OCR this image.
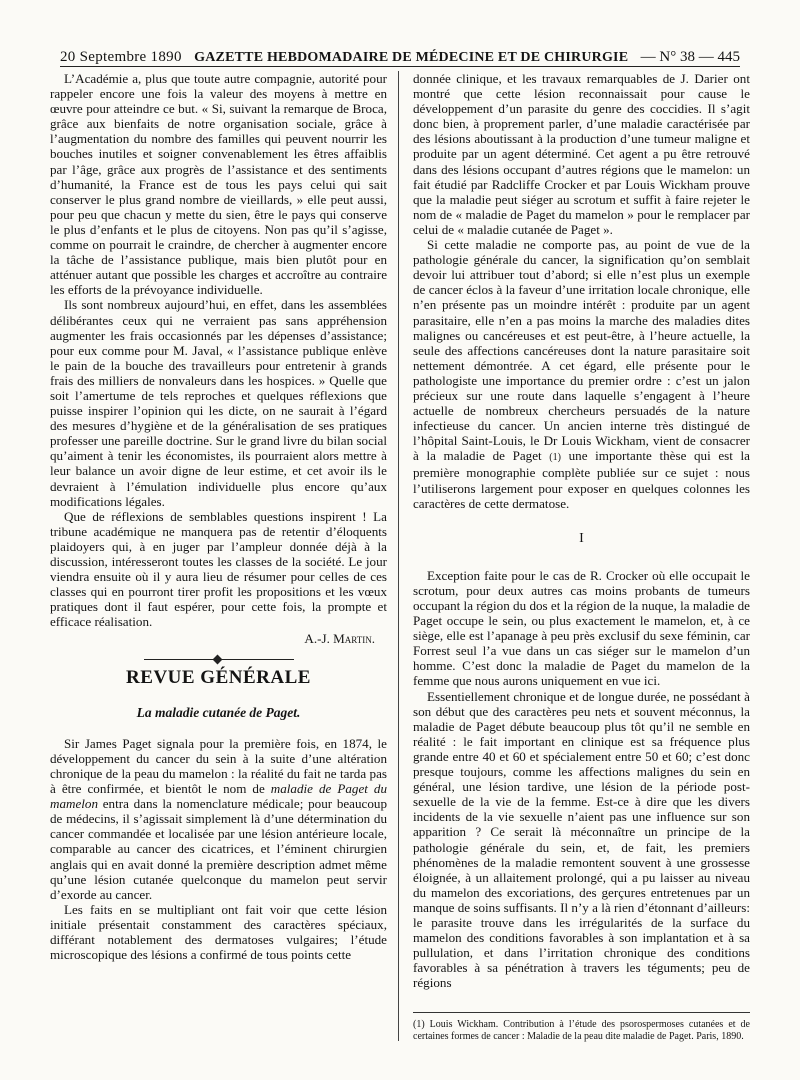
20 Septembre 1890 GAZETTE HEBDOMADAIRE DE MÉDECINE ET DE CHIRURGIE — N° 38 — 445

L’Académie a, plus que toute autre compagnie, autorité pour rappeler encore une fois la valeur des moyens à mettre en œuvre pour atteindre ce but. « Si, suivant la remarque de Broca, grâce aux bienfaits de notre organisation sociale, grâce à l’augmentation du nombre des familles qui peuvent nourrir les bouches inutiles et soigner convenablement les êtres affaiblis par l’âge, grâce aux progrès de l’assistance et des sentiments d’humanité, la France est de tous les pays celui qui sait conserver le plus grand nombre de vieillards, » elle peut aussi, pour peu que chacun y mette du sien, être le pays qui conserve le plus d’enfants et le plus de citoyens. Non pas qu’il s’agisse, comme on pourrait le craindre, de chercher à augmenter encore la tâche de l’assistance publique, mais bien plutôt pour en atténuer autant que possible les charges et accroître au contraire les efforts de la prévoyance individuelle.

Ils sont nombreux aujourd’hui, en effet, dans les assemblées délibérantes ceux qui ne verraient pas sans appréhension augmenter les frais occasionnés par les dépenses d’assistance; pour eux comme pour M. Javal, « l’assistance publique enlève le pain de la bouche des travailleurs pour entretenir à grands frais des milliers de nonvaleurs dans les hospices. » Quelle que soit l’amertume de tels reproches et quelques réflexions que puisse inspirer l’opinion qui les dicte, on ne saurait à l’égard des mesures d’hygiène et de la généralisation de ses pratiques professer une pareille doctrine. Sur le grand livre du bilan social qu’aiment à tenir les économistes, ils pourraient alors mettre à leur balance un avoir digne de leur estime, et cet avoir ils le devraient à l’émulation individuelle plus encore qu’aux modifications légales.

Que de réflexions de semblables questions inspirent ! La tribune académique ne manquera pas de retentir d’éloquents plaidoyers qui, à en juger par l’ampleur donnée déjà à la discussion, intéresseront toutes les classes de la société. Le jour viendra ensuite où il y aura lieu de résumer pour celles de ces classes qui en pourront tirer profit les propositions et les vœux pratiques dont il faut espérer, pour cette fois, la prompte et efficace réalisation.

A.-J. Martin.
REVUE GÉNÉRALE
La maladie cutanée de Paget.

Sir James Paget signala pour la première fois, en 1874, le développement du cancer du sein à la suite d’une altération chronique de la peau du mamelon : la réalité du fait ne tarda pas à être confirmée, et bientôt le nom de maladie de Paget du mamelon entra dans la nomenclature médicale; pour beaucoup de médecins, il s’agissait simplement là d’une détermination du cancer commandée et localisée par une lésion antérieure locale, comparable au cancer des cicatrices, et l’éminent chirurgien anglais qui en avait donné la première description admet même qu’une lésion cutanée quelconque du mamelon peut servir d’exorde au cancer.

Les faits en se multipliant ont fait voir que cette lésion initiale présentait constamment des caractères spéciaux, différant notablement des dermatoses vulgaires; l’étude microscopique des lésions a confirmé de tous points cette

donnée clinique, et les travaux remarquables de J. Darier ont montré que cette lésion reconnaissait pour cause le développement d’un parasite du genre des coccidies. Il s’agit donc bien, à proprement parler, d’une maladie caractérisée par des lésions aboutissant à la production d’une tumeur maligne et produite par un agent déterminé. Cet agent a pu être retrouvé dans des lésions occupant d’autres régions que le mamelon: un fait étudié par Radcliffe Crocker et par Louis Wickham prouve que la maladie peut siéger au scrotum et suffit à faire rejeter le nom de « maladie de Paget du mamelon » pour le remplacer par celui de « maladie cutanée de Paget ».

Si cette maladie ne comporte pas, au point de vue de la pathologie générale du cancer, la signification qu’on semblait devoir lui attribuer tout d’abord; si elle n’est plus un exemple de cancer éclos à la faveur d’une irritation locale chronique, elle n’en présente pas un moindre intérêt : produite par un agent parasitaire, elle n’en a pas moins la marche des maladies dites malignes ou cancéreuses et est peut-être, à l’heure actuelle, la seule des affections cancéreuses dont la nature parasitaire soit nettement démontrée. A cet égard, elle présente pour le pathologiste une importance du premier ordre : c’est un jalon précieux sur une route dans laquelle s’engagent à l’heure actuelle de nombreux chercheurs persuadés de la nature infectieuse du cancer. Un ancien interne très distingué de l’hôpital Saint-Louis, le Dr Louis Wickham, vient de consacrer à la maladie de Paget (1) une importante thèse qui est la première monographie complète publiée sur ce sujet : nous l’utiliserons largement pour exposer en quelques colonnes les caractères de cette dermatose.

I

Exception faite pour le cas de R. Crocker où elle occupait le scrotum, pour deux autres cas moins probants de tumeurs occupant la région du dos et la région de la nuque, la maladie de Paget occupe le sein, ou plus exactement le mamelon, et, à ce siège, elle est l’apanage à peu près exclusif du sexe féminin, car Forrest seul l’a vue dans un cas siéger sur le mamelon d’un homme. C’est donc la maladie de Paget du mamelon de la femme que nous aurons uniquement en vue ici.

Essentiellement chronique et de longue durée, ne possédant à son début que des caractères peu nets et souvent méconnus, la maladie de Paget débute beaucoup plus tôt qu’il ne semble en réalité : le fait important en clinique est sa fréquence plus grande entre 40 et 60 et spécialement entre 50 et 60; c’est donc presque toujours, comme les affections malignes du sein en général, une lésion tardive, une lésion de la période post-sexuelle de la vie de la femme. Est-ce à dire que les divers incidents de la vie sexuelle n’aient pas une influence sur son apparition ? Ce serait là méconnaître un principe de la pathologie générale du sein, et, de fait, les premiers phénomènes de la maladie remontent souvent à une grossesse éloignée, à un allaitement prolongé, qui a pu laisser au niveau du mamelon des excoriations, des gerçures entretenues par un manque de soins suffisants. Il n’y a là rien d’étonnant d’ailleurs: le parasite trouve dans les irrégularités de la surface du mamelon des conditions favorables à son implantation et à sa pullulation, et dans l’irritation chronique des conditions favorables à sa pénétration à travers les téguments; peu de régions

(1) Louis Wickham. Contribution à l’étude des psorospermoses cutanées et de certaines formes de cancer : Maladie de la peau dite maladie de Paget. Paris, 1890.
